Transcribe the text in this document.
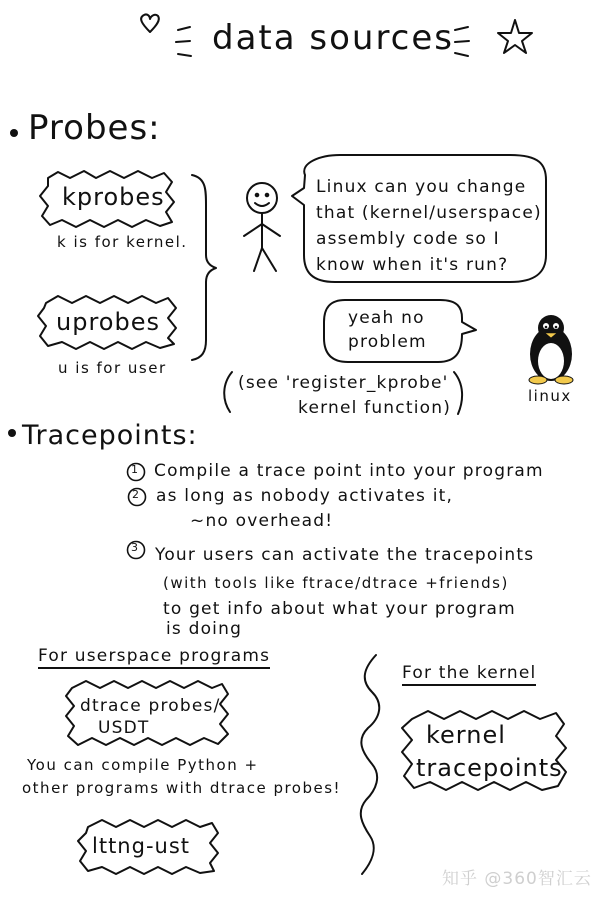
data sources
Probes:
kprobes
k is for kernel.
uprobes
u is for user
Linux can you change
that (kernel/userspace)
assembly code so I
know when it's run?
yeah no
problem
linux
(see 'register_kprobe'
kernel function)
Tracepoints:
1 Compile a trace point into your program
2 as long as nobody activates it,
~no overhead!
3 Your users can activate the tracepoints
(with tools like ftrace/dtrace +friends)
to get info about what your program
is doing
For userspace programs
dtrace probes/
USDT
You can compile Python +
other programs with dtrace probes!
lttng-ust
For the kernel
kernel
tracepoints
知乎 @360智汇云
